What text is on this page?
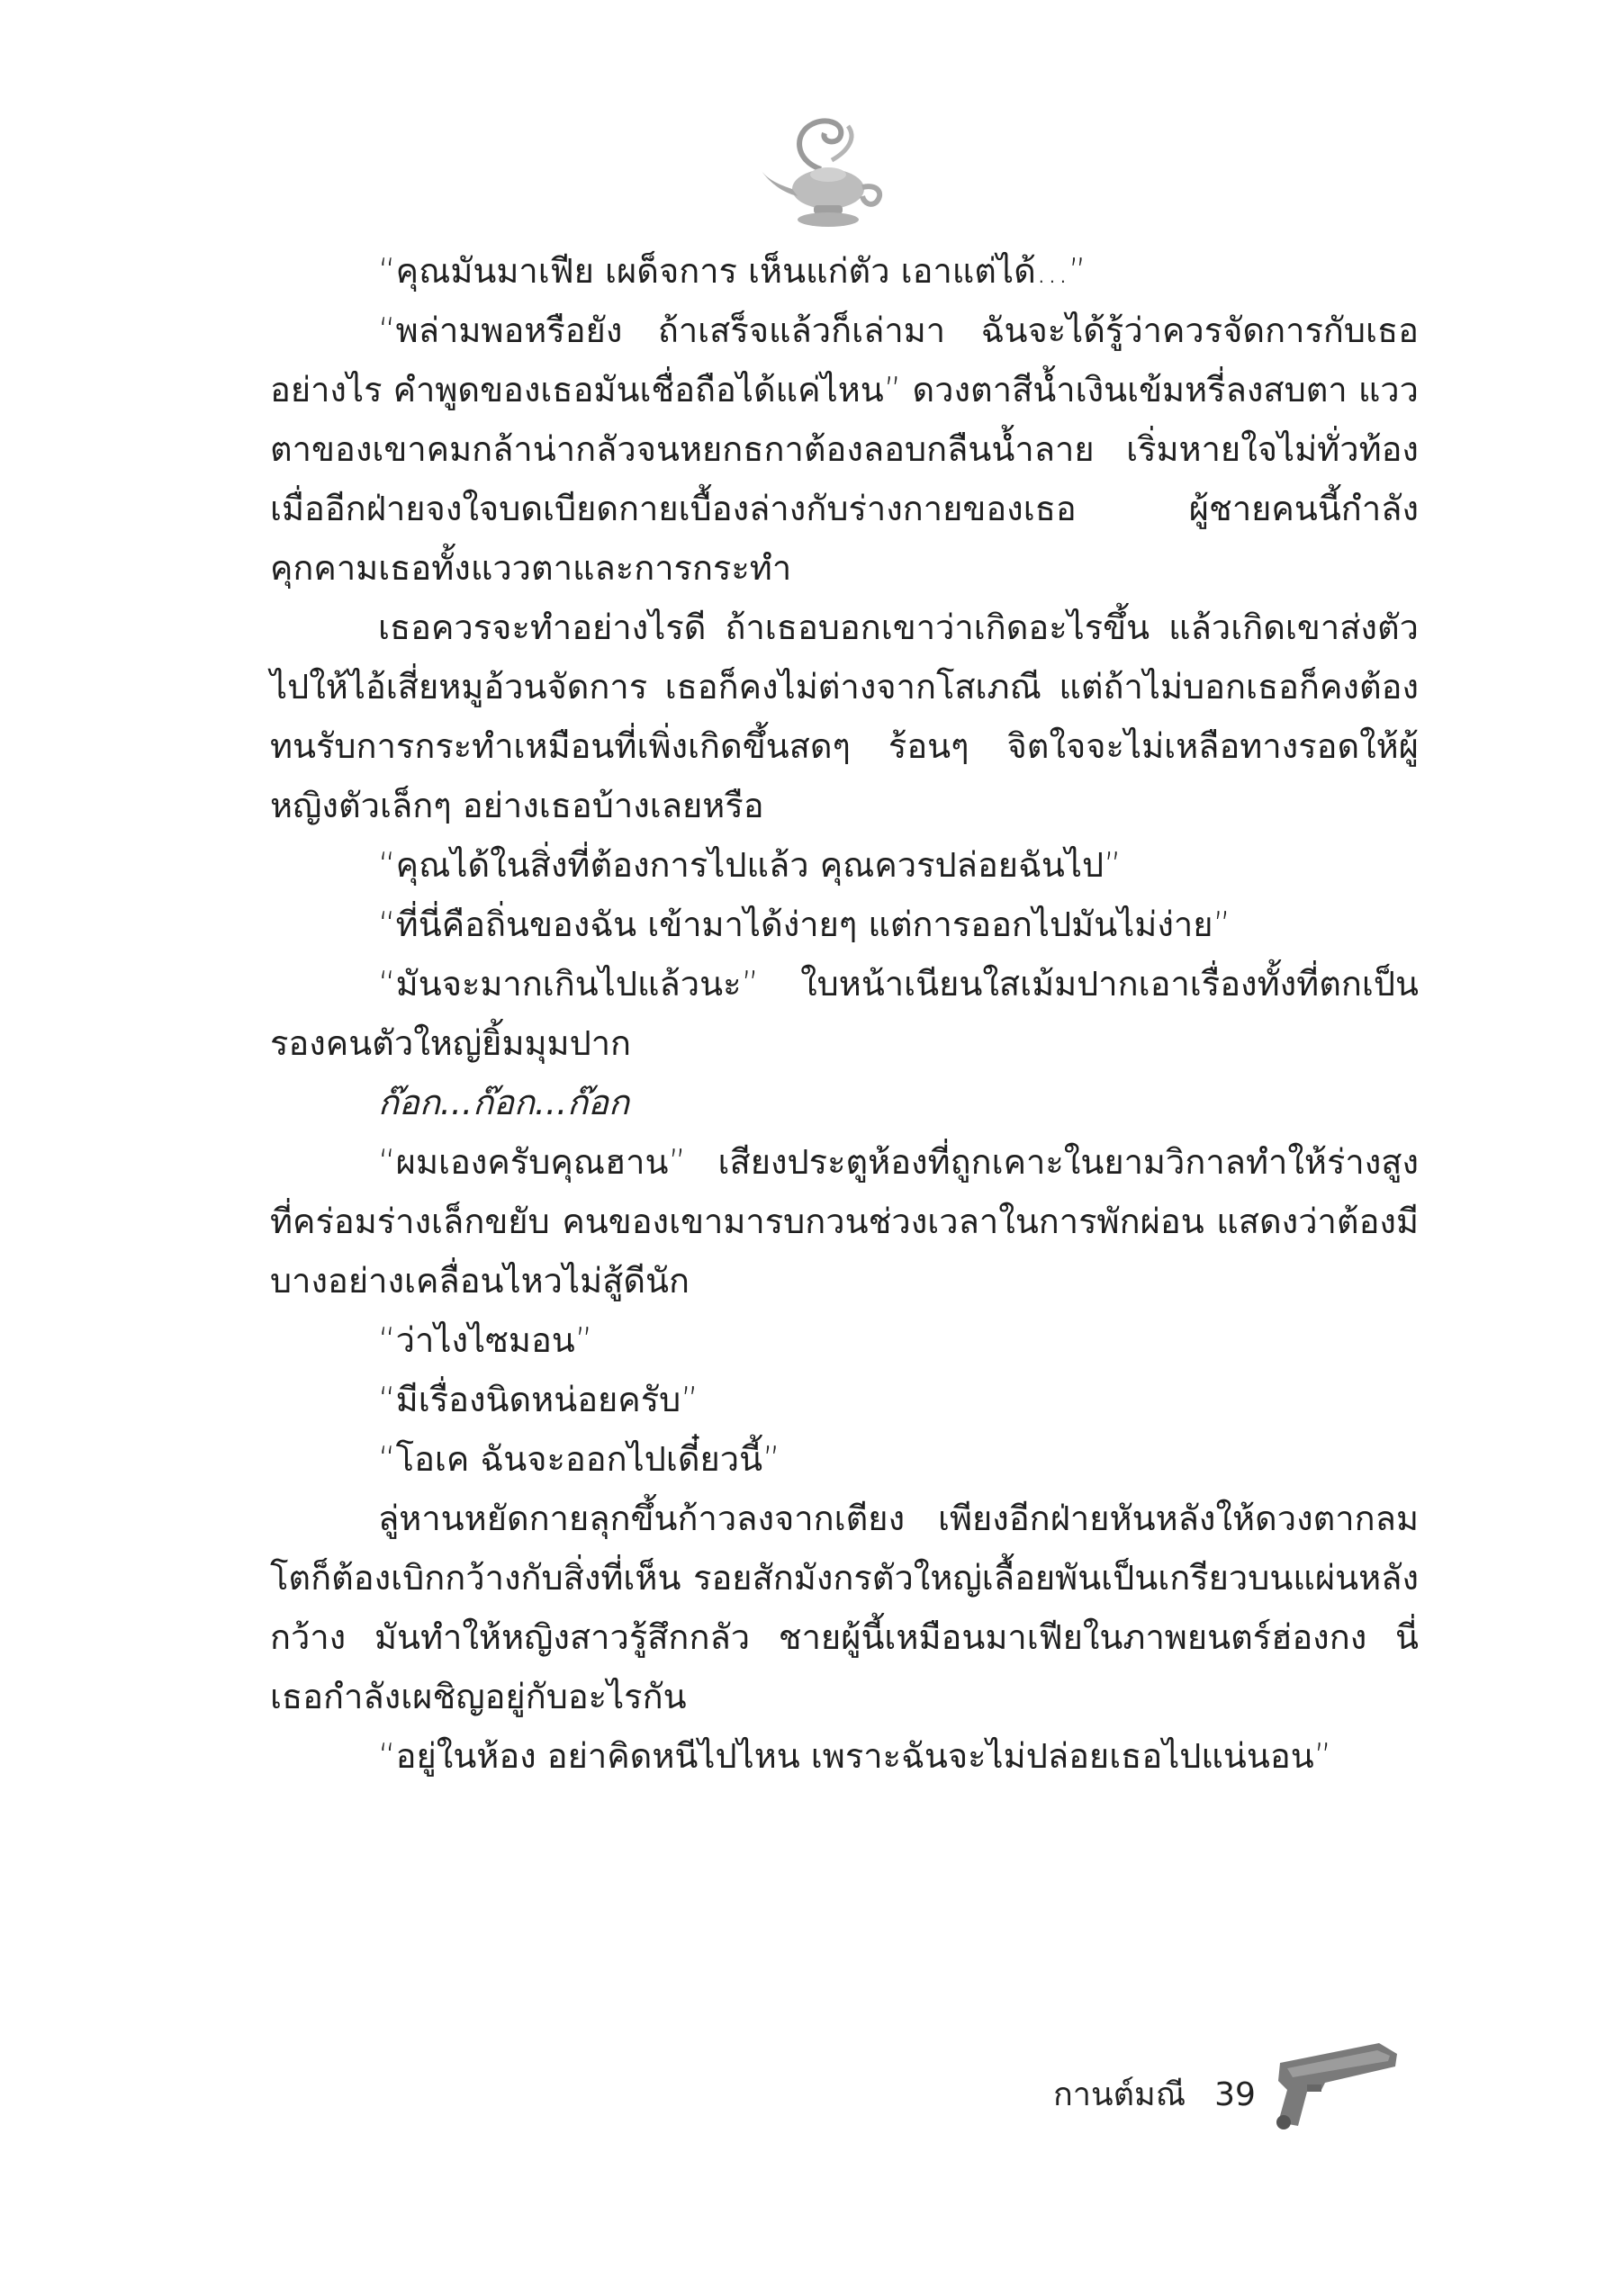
“คุณมันมาเฟีย เผด็จการ เห็นแก่ตัว เอาแต่ได้...”

“พล่ามพอหรือยัง ถ้าเสร็จแล้วก็เล่ามา ฉันจะได้รู้ว่าควรจัดการกับเธออย่างไร คำพูดของเธอมันเชื่อถือได้แค่ไหน” ดวงตาสีน้ำเงินเข้มหรี่ลงสบตา แววตาของเขาคมกล้าน่ากลัวจนหยกธกาต้องลอบกลืนน้ำลาย เริ่มหายใจไม่ทั่วท้อง เมื่ออีกฝ่ายจงใจบดเบียดกายเบื้องล่างกับร่างกายของเธอ ผู้ชายคนนี้กำลังคุกคามเธอทั้งแววตาและการกระทำ

เธอควรจะทำอย่างไรดี ถ้าเธอบอกเขาว่าเกิดอะไรขึ้น แล้วเกิดเขาส่งตัวไปให้ไอ้เสี่ยหมูอ้วนจัดการ เธอก็คงไม่ต่างจากโสเภณี แต่ถ้าไม่บอกเธอก็คงต้องทนรับการกระทำเหมือนที่เพิ่งเกิดขึ้นสดๆ ร้อนๆ จิตใจจะไม่เหลือทางรอดให้ผู้หญิงตัวเล็กๆ อย่างเธอบ้างเลยหรือ

“คุณได้ในสิ่งที่ต้องการไปแล้ว คุณควรปล่อยฉันไป”

“ที่นี่คือถิ่นของฉัน เข้ามาได้ง่ายๆ แต่การออกไปมันไม่ง่าย”

“มันจะมากเกินไปแล้วนะ” ใบหน้าเนียนใสเม้มปากเอาเรื่องทั้งที่ตกเป็นรองคนตัวใหญ่ยิ้มมุมปาก

ก๊อก...ก๊อก...ก๊อก

“ผมเองครับคุณฮาน” เสียงประตูห้องที่ถูกเคาะในยามวิกาลทำให้ร่างสูงที่คร่อมร่างเล็กขยับ คนของเขามารบกวนช่วงเวลาในการพักผ่อน แสดงว่าต้องมีบางอย่างเคลื่อนไหวไม่สู้ดีนัก

“ว่าไงไซมอน”

“มีเรื่องนิดหน่อยครับ”

“โอเค ฉันจะออกไปเดี๋ยวนี้”

ลู่หานหยัดกายลุกขึ้นก้าวลงจากเตียง เพียงอีกฝ่ายหันหลังให้ดวงตากลมโตก็ต้องเบิกกว้างกับสิ่งที่เห็น รอยสักมังกรตัวใหญ่เลื้อยพันเป็นเกรียวบนแผ่นหลังกว้าง มันทำให้หญิงสาวรู้สึกกลัว ชายผู้นี้เหมือนมาเฟียในภาพยนตร์ฮ่องกง นี่เธอกำลังเผชิญอยู่กับอะไรกัน

“อยู่ในห้อง อย่าคิดหนีไปไหน เพราะฉันจะไม่ปล่อยเธอไปแน่นอน”

กานต์มณี 39
